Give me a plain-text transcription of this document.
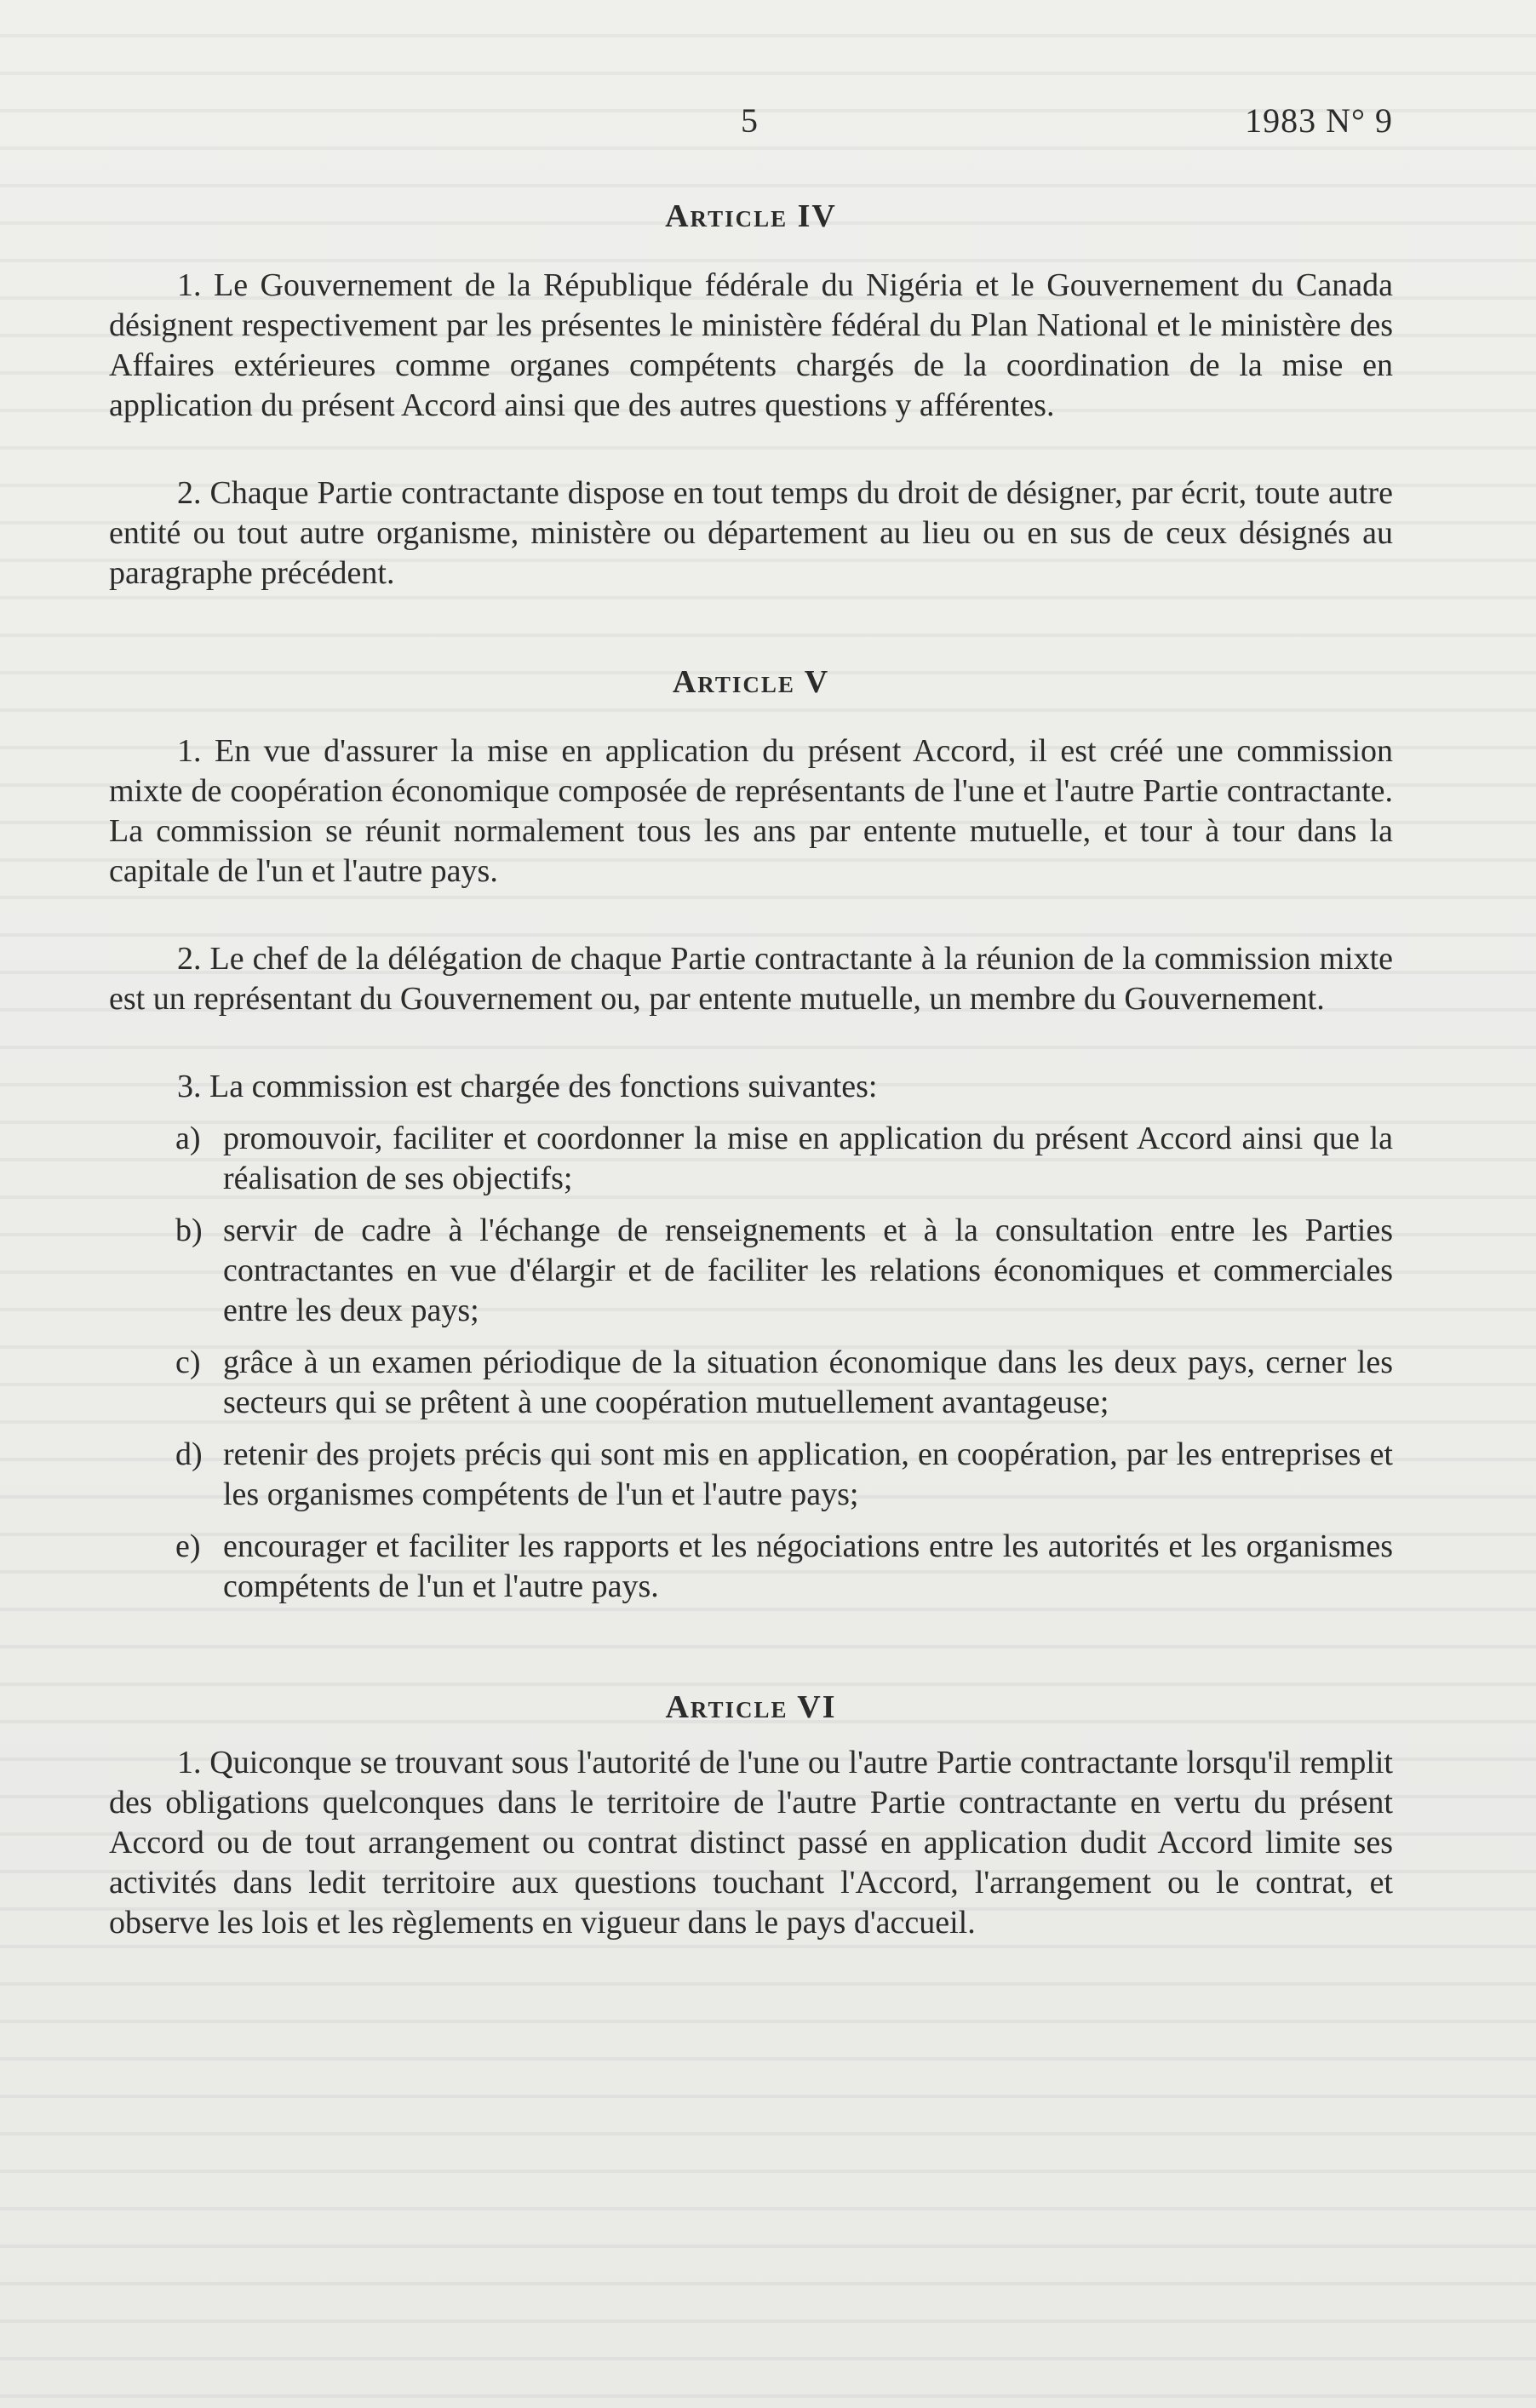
5	1983 N° 9
Article IV

1. Le Gouvernement de la République fédérale du Nigéria et le Gouvernement du Canada désignent respectivement par les présentes le ministère fédéral du Plan National et le ministère des Affaires extérieures comme organes compétents chargés de la coordination de la mise en application du présent Accord ainsi que des autres questions y afférentes.

2. Chaque Partie contractante dispose en tout temps du droit de désigner, par écrit, toute autre entité ou tout autre organisme, ministère ou département au lieu ou en sus de ceux désignés au paragraphe précédent.

Article V

1. En vue d'assurer la mise en application du présent Accord, il est créé une commission mixte de coopération économique composée de représentants de l'une et l'autre Partie contractante. La commission se réunit normalement tous les ans par entente mutuelle, et tour à tour dans la capitale de l'un et l'autre pays.

2. Le chef de la délégation de chaque Partie contractante à la réunion de la commission mixte est un représentant du Gouvernement ou, par entente mutuelle, un membre du Gouvernement.

3. La commission est chargée des fonctions suivantes:

a) promouvoir, faciliter et coordonner la mise en application du présent Accord ainsi que la réalisation de ses objectifs;
b) servir de cadre à l'échange de renseignements et à la consultation entre les Parties contractantes en vue d'élargir et de faciliter les relations économiques et commerciales entre les deux pays;
c) grâce à un examen périodique de la situation économique dans les deux pays, cerner les secteurs qui se prêtent à une coopération mutuellement avantageuse;
d) retenir des projets précis qui sont mis en application, en coopération, par les entreprises et les organismes compétents de l'un et l'autre pays;
e) encourager et faciliter les rapports et les négociations entre les autorités et les organismes compétents de l'un et l'autre pays.
Article VI

1. Quiconque se trouvant sous l'autorité de l'une ou l'autre Partie contractante lorsqu'il remplit des obligations quelconques dans le territoire de l'autre Partie contractante en vertu du présent Accord ou de tout arrangement ou contrat distinct passé en application dudit Accord limite ses activités dans ledit territoire aux questions touchant l'Accord, l'arrangement ou le contrat, et observe les lois et les règlements en vigueur dans le pays d'accueil.
